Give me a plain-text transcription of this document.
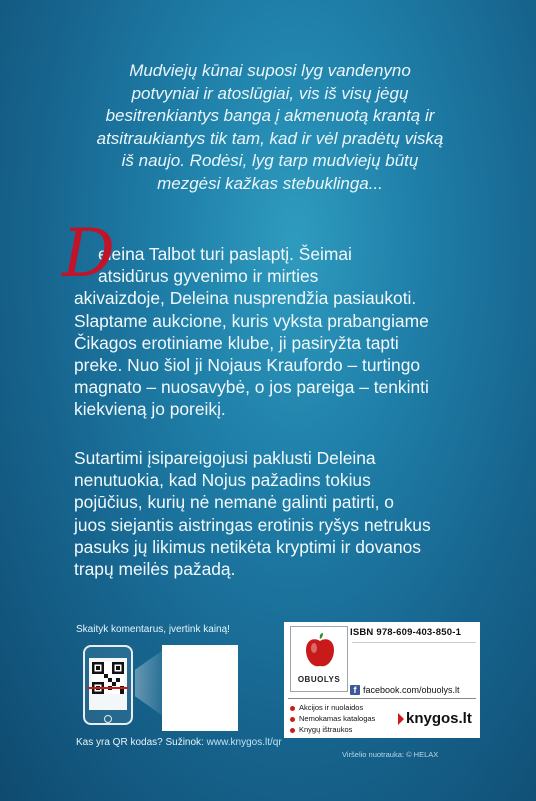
Mudviejų kūnai suposi lyg vandenyno
potvyniai ir atoslūgiai, vis iš visų jėgų
besitrenkiantys banga į akmenuotą krantą ir
atsitraukiantys tik tam, kad ir vėl pradėtų viską
iš naujo. Rodėsi, lyg tarp mudviejų būtų
mezgėsi kažkas stebuklinga...
D
eleina Talbot turi paslaptį. Šeimai
atsidūrus gyvenimo ir mirties
akivaizdoje, Deleina nusprendžia pasiaukoti.
Slaptame aukcione, kuris vyksta prabangiame
Čikagos erotiniame klube, ji pasiryžta tapti
preke. Nuo šiol ji Nojaus Kraufordo – turtingo
magnato – nuosavybė, o jos pareiga – tenkinti
kiekvieną jo poreikį.
Sutartimi įsipareigojusi paklusti Deleina
nenutuokia, kad Nojus pažadins tokius
pojūčius, kurių nė nemanė galinti patirti, o
juos siejantis aistringas erotinis ryšys netrukus
pasuks jų likimus netikėta kryptimi ir dovanos
trapų meilės pažadą.
Skaityk komentarus, įvertink kainą!
Kas yra QR kodas? Sužinok: www.knygos.lt/qr
OBUOLYS
ISBN 978-609-403-850-1
f facebook.com/obuolys.lt
Akcijos ir nuolaidos
Nemokamas katalogas
Knygų ištraukos
knygos.lt
Viršelio nuotrauka: © HELAX
